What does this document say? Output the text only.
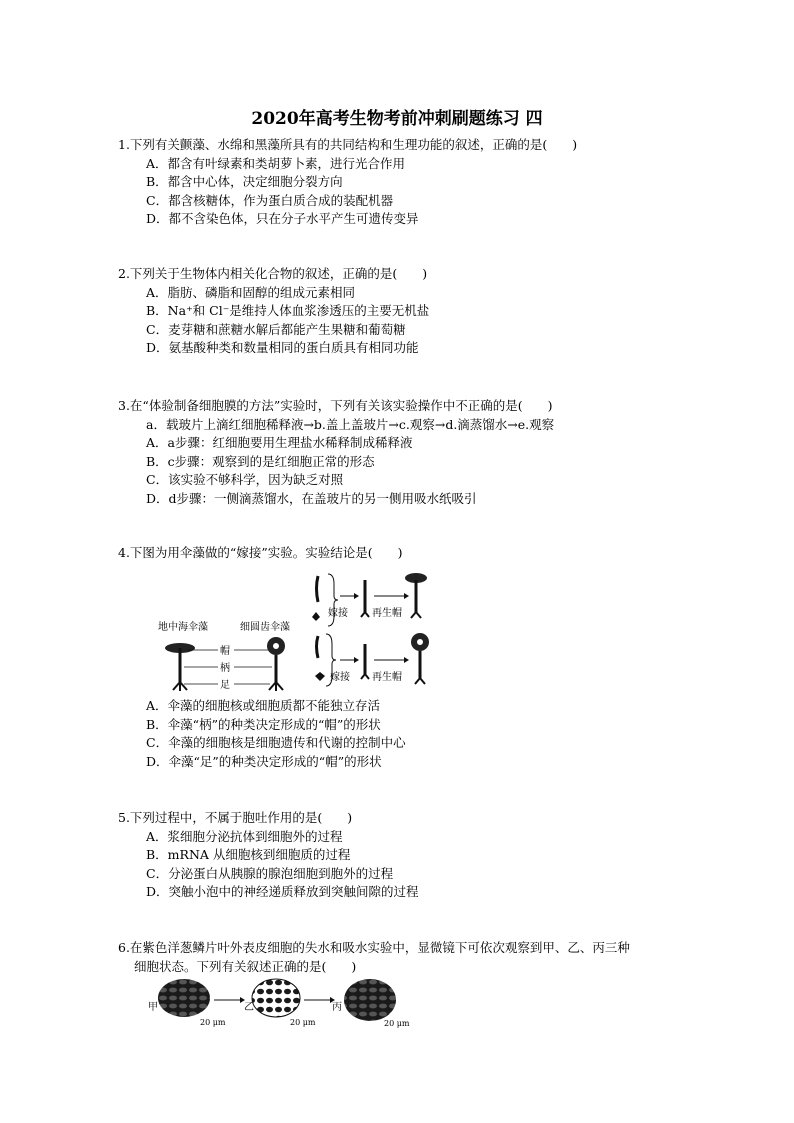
2020年高考生物考前冲刺刷题练习 四
1.下列有关颤藻、水绵和黑藻所具有的共同结构和生理功能的叙述，正确的是(　　)
A．都含有叶绿素和类胡萝卜素，进行光合作用
B．都含中心体，决定细胞分裂方向
C．都含核糖体，作为蛋白质合成的装配机器
D．都不含染色体，只在分子水平产生可遗传变异
2.下列关于生物体内相关化合物的叙述，正确的是(　　)
A．脂肪、磷脂和固醇的组成元素相同
B．Na⁺和 Cl⁻是维持人体血浆渗透压的主要无机盐
C．麦芽糖和蔗糖水解后都能产生果糖和葡萄糖
D．氨基酸种类和数量相同的蛋白质具有相同功能
3.在“体验制备细胞膜的方法”实验时，下列有关该实验操作中不正确的是(　　)
a．载玻片上滴红细胞稀释液→b.盖上盖玻片→c.观察→d.滴蒸馏水→e.观察
A．a步骤：红细胞要用生理盐水稀释制成稀释液
B．c步骤：观察到的是红细胞正常的形态
C．该实验不够科学，因为缺乏对照
D．d步骤：一侧滴蒸馏水，在盖玻片的另一侧用吸水纸吸引
4.下图为用伞藻做的“嫁接”实验。实验结论是(　　)
地中海伞藻	细圆齿伞藻
帽
柄
足
嫁接 再生帽
嫁接 再生帽
A．伞藻的细胞核或细胞质都不能独立存活
B．伞藻“柄”的种类决定形成的“帽”的形状
C．伞藻的细胞核是细胞遗传和代谢的控制中心
D．伞藻“足”的种类决定形成的“帽”的形状
5.下列过程中，不属于胞吐作用的是(　　)
A．浆细胞分泌抗体到细胞外的过程
B．mRNA 从细胞核到细胞质的过程
C．分泌蛋白从胰腺的腺泡细胞到胞外的过程
D．突触小泡中的神经递质释放到突触间隙的过程
6.在紫色洋葱鳞片叶外表皮细胞的失水和吸水实验中，显微镜下可依次观察到甲、乙、丙三种
细胞状态。下列有关叙述正确的是(　　)
甲
20 μm
乙
20 μm
丙
20 μm
